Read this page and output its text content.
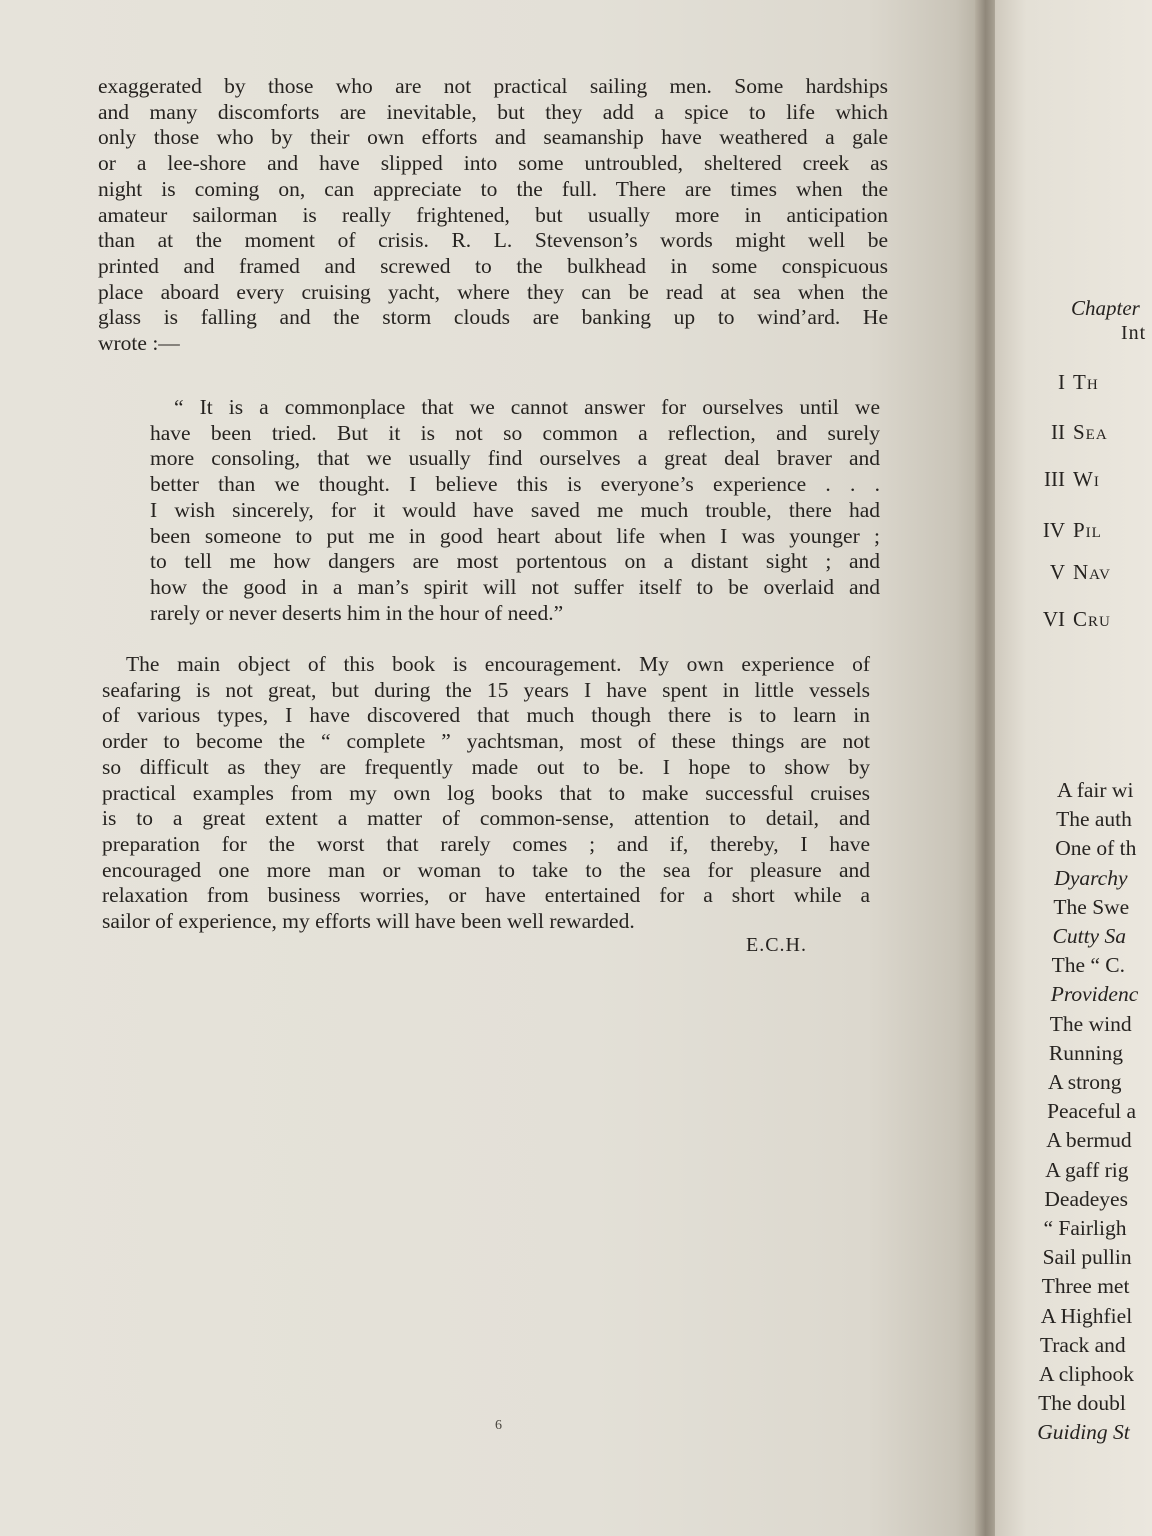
exaggerated by those who are not practical sailing men. Some hardships
and many discomforts are inevitable, but they add a spice to life which
only those who by their own efforts and seamanship have weathered a gale
or a lee-shore and have slipped into some untroubled, sheltered creek as
night is coming on, can appreciate to the full. There are times when the
amateur sailorman is really frightened, but usually more in anticipation
than at the moment of crisis. R. L. Stevenson’s words might well be
printed and framed and screwed to the bulkhead in some conspicuous
place aboard every cruising yacht, where they can be read at sea when the
glass is falling and the storm clouds are banking up to wind’ard. He
wrote :—
“ It is a commonplace that we cannot answer for ourselves until we
have been tried. But it is not so common a reflection, and surely
more consoling, that we usually find ourselves a great deal braver and
better than we thought. I believe this is everyone’s experience . . .
I wish sincerely, for it would have saved me much trouble, there had
been someone to put me in good heart about life when I was younger ;
to tell me how dangers are most portentous on a distant sight ; and
how the good in a man’s spirit will not suffer itself to be overlaid and
rarely or never deserts him in the hour of need.”
The main object of this book is encouragement. My own experience of
seafaring is not great, but during the 15 years I have spent in little vessels
of various types, I have discovered that much though there is to learn in
order to become the “ complete ” yachtsman, most of these things are not
so difficult as they are frequently made out to be. I hope to show by
practical examples from my own log books that to make successful cruises
is to a great extent a matter of common-sense, attention to detail, and
preparation for the worst that rarely comes ; and if, thereby, I have
encouraged one more man or woman to take to the sea for pleasure and
relaxation from business worries, or have entertained for a short while a
sailor of experience, my efforts will have been well rewarded.
E.C.H.
6
Chapter
Int
I Th
II Sea
III Wi
IV Pil
V Nav
VI Cru
A fair wi
The auth
One of th
Dyarchy
The Swe
Cutty Sa
The “ C.
Providenc
The wind
Running
A strong
Peaceful a
A bermud
A gaff rig
Deadeyes
“ Fairligh
Sail pullin
Three met
A Highfiel
Track and
A cliphook
The doubl
Guiding St
